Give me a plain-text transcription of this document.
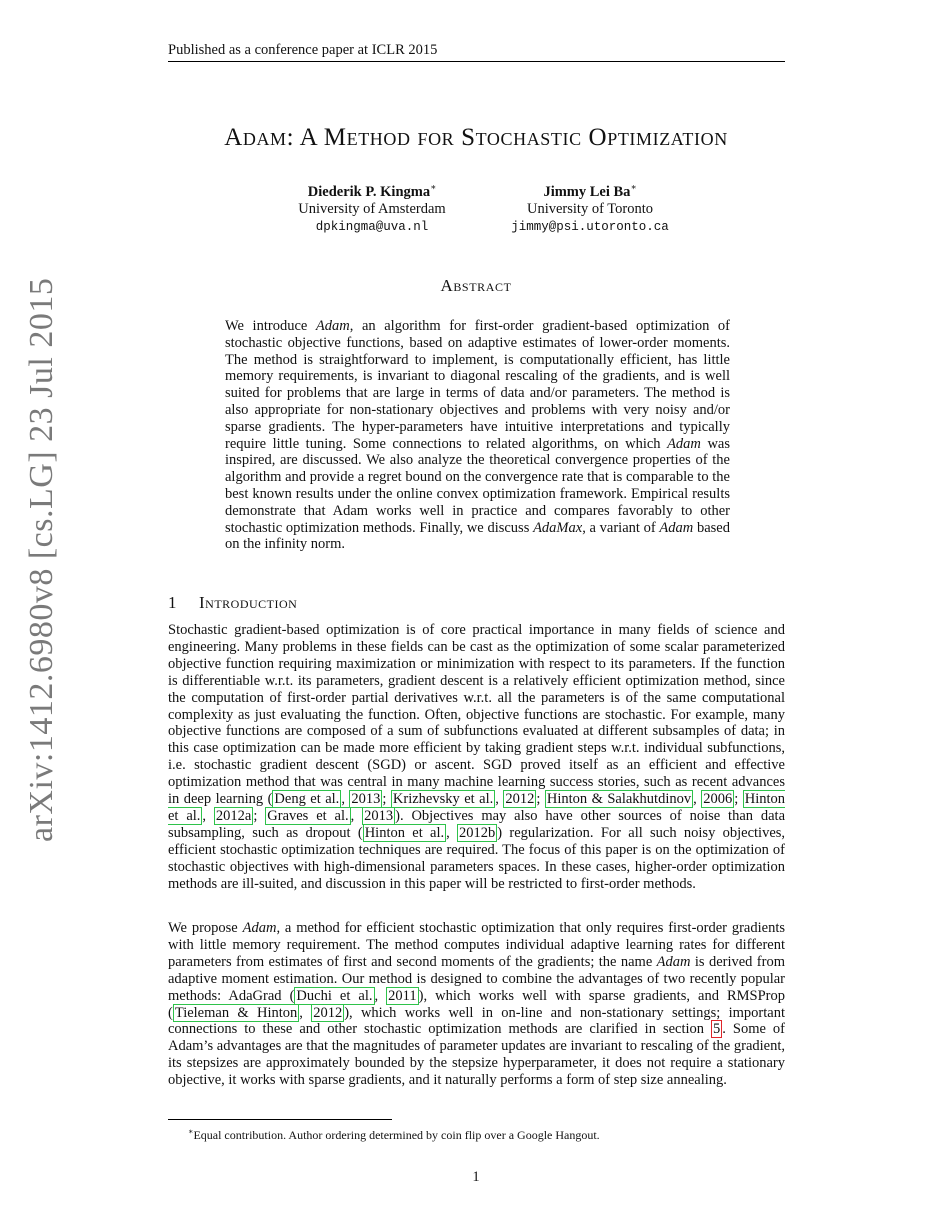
Published as a conference paper at ICLR 2015
arXiv:1412.6980v8 [cs.LG] 23 Jul 2015
Adam: A Method for Stochastic Optimization
Diederik P. Kingma∗
University of Amsterdam
dpkingma@uva.nl
Jimmy Lei Ba∗
University of Toronto
jimmy@psi.utoronto.ca
Abstract
We introduce Adam, an algorithm for first-order gradient-based optimization of stochastic objective functions, based on adaptive estimates of lower-order moments. The method is straightforward to implement, is computationally efficient, has little memory requirements, is invariant to diagonal rescaling of the gradients, and is well suited for problems that are large in terms of data and/or parameters. The method is also appropriate for non-stationary objectives and problems with very noisy and/or sparse gradients. The hyper-parameters have intuitive interpretations and typically require little tuning. Some connections to related algorithms, on which Adam was inspired, are discussed. We also analyze the theoretical convergence properties of the algorithm and provide a regret bound on the convergence rate that is comparable to the best known results under the online convex optimization framework. Empirical results demonstrate that Adam works well in practice and compares favorably to other stochastic optimization methods. Finally, we discuss AdaMax, a variant of Adam based on the infinity norm.
1 Introduction
Stochastic gradient-based optimization is of core practical importance in many fields of science and engineering. Many problems in these fields can be cast as the optimization of some scalar parameterized objective function requiring maximization or minimization with respect to its parameters. If the function is differentiable w.r.t. its parameters, gradient descent is a relatively efficient optimization method, since the computation of first-order partial derivatives w.r.t. all the parameters is of the same computational complexity as just evaluating the function. Often, objective functions are stochastic. For example, many objective functions are composed of a sum of subfunctions evaluated at different subsamples of data; in this case optimization can be made more efficient by taking gradient steps w.r.t. individual subfunctions, i.e. stochastic gradient descent (SGD) or ascent. SGD proved itself as an efficient and effective optimization method that was central in many machine learning success stories, such as recent advances in deep learning ( Deng et al. , 2013 ; Krizhevsky et al. , 2012 ; Hinton & Salakhutdinov , 2006 ; Hinton et al. , 2012a ; Graves et al. , 2013 ). Objectives may also have other sources of noise than data subsampling, such as dropout ( Hinton et al. , 2012b ) regularization. For all such noisy objectives, efficient stochastic optimization techniques are required. The focus of this paper is on the optimization of stochastic objectives with high-dimensional parameters spaces. In these cases, higher-order optimization methods are ill-suited, and discussion in this paper will be restricted to first-order methods.
We propose Adam, a method for efficient stochastic optimization that only requires first-order gradients with little memory requirement. The method computes individual adaptive learning rates for different parameters from estimates of first and second moments of the gradients; the name Adam is derived from adaptive moment estimation. Our method is designed to combine the advantages of two recently popular methods: AdaGrad ( Duchi et al. , 2011 ), which works well with sparse gradients, and RMSProp ( Tieleman & Hinton , 2012 ), which works well in on-line and non-stationary settings; important connections to these and other stochastic optimization methods are clarified in section 5 . Some of Adam’s advantages are that the magnitudes of parameter updates are invariant to rescaling of the gradient, its stepsizes are approximately bounded by the stepsize hyperparameter, it does not require a stationary objective, it works with sparse gradients, and it naturally performs a form of step size annealing.
∗Equal contribution. Author ordering determined by coin flip over a Google Hangout.
1
